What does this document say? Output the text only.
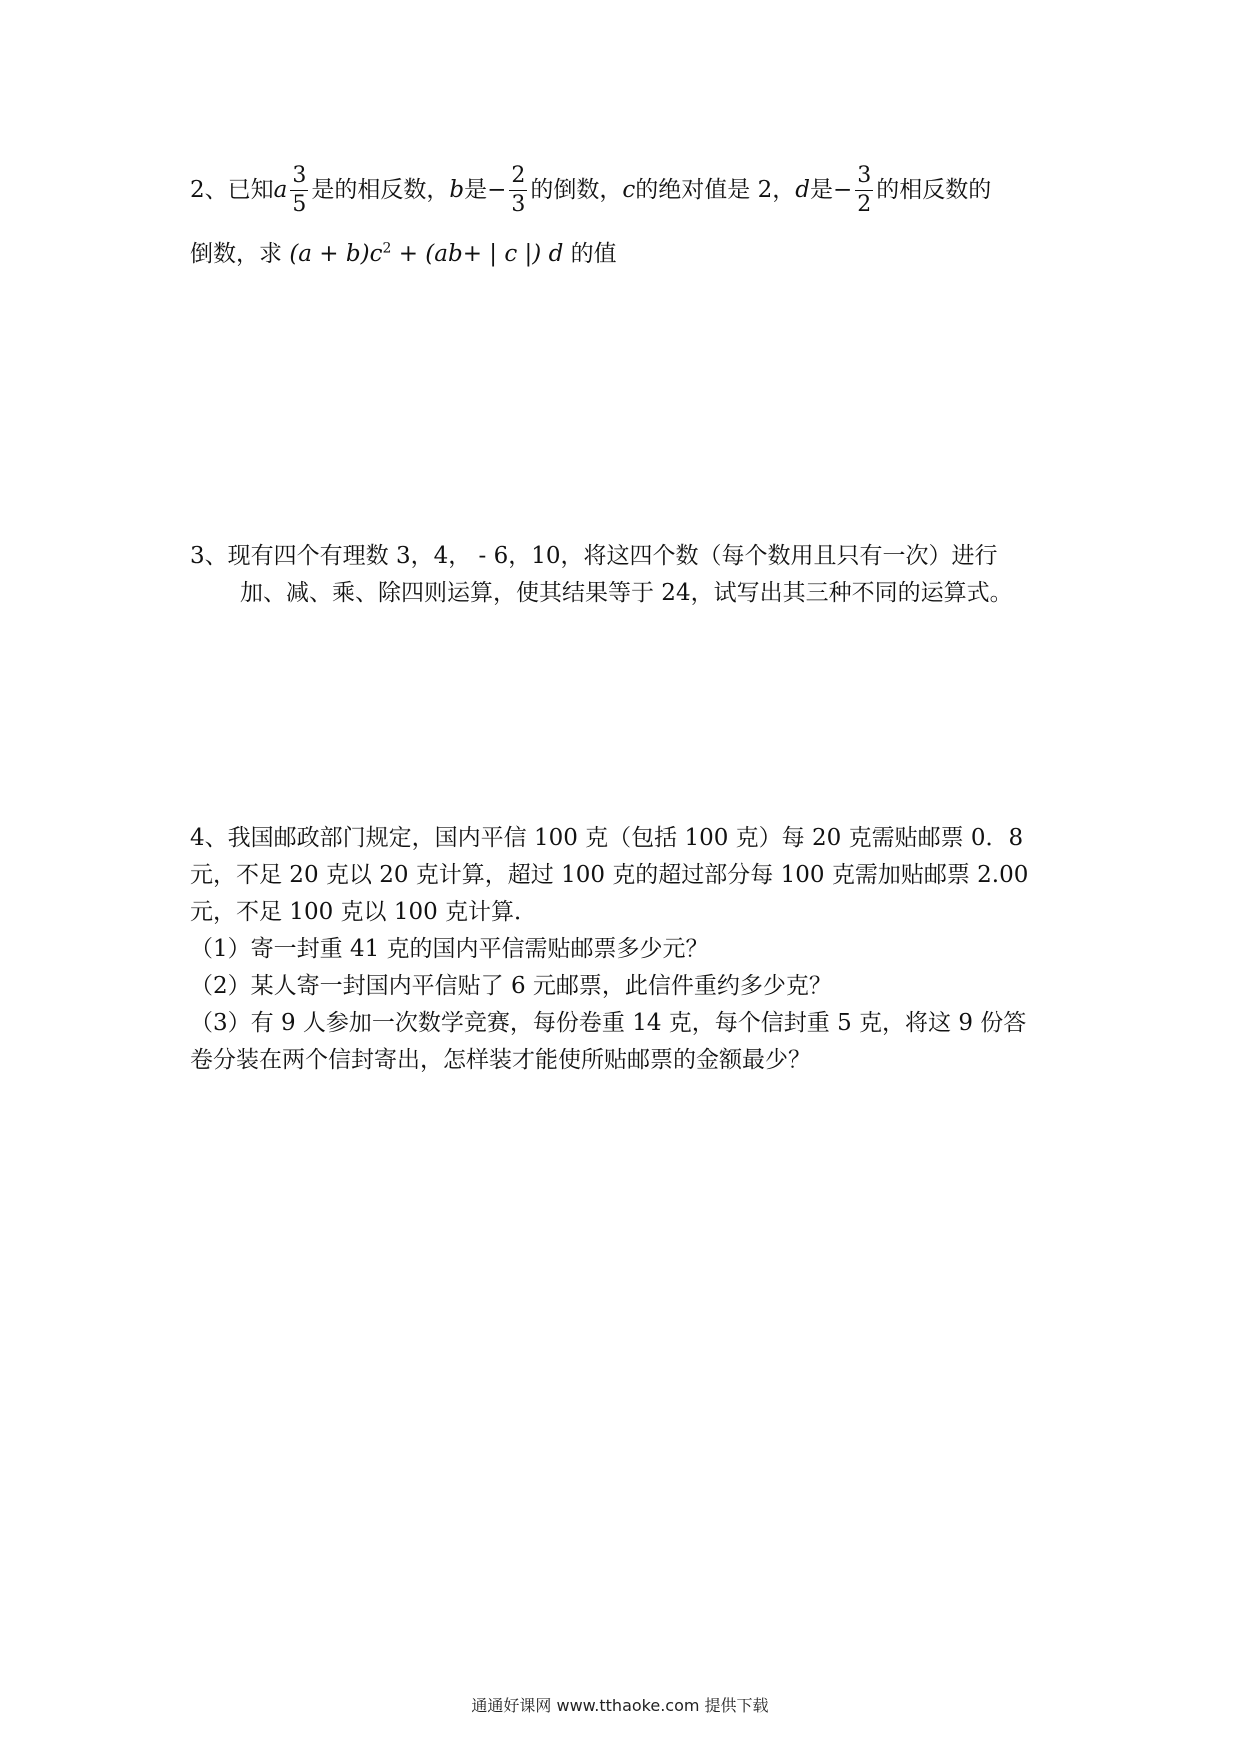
2、已知 a $\frac{3}{5}$ 是的相反数， b 是 − $\frac{2}{3}$ 的倒数， c 的绝对值是 2， d 是 − $\frac{3}{2}$ 的相反数的
倒数，求 $(a + b)c^2 + (ab+$ | c |) d 的值
3、现有四个有理数 3，4， - 6，10，将这四个数（每个数用且只有一次）进行
加、减、乘、除四则运算，使其结果等于 24，试写出其三种不同的运算式。
4、我国邮政部门规定，国内平信 100 克（包括 100 克）每 20 克需贴邮票 0．8
元，不足 20 克以 20 克计算，超过 100 克的超过部分每 100 克需加贴邮票 2.00
元，不足 100 克以 100 克计算．
（1）寄一封重 41 克的国内平信需贴邮票多少元？
（2）某人寄一封国内平信贴了 6 元邮票，此信件重约多少克？
（3）有 9 人参加一次数学竞赛，每份卷重 14 克，每个信封重 5 克，将这 9 份答
卷分装在两个信封寄出，怎样装才能使所贴邮票的金额最少？
通通好课网 www.tthaoke.com 提供下载
